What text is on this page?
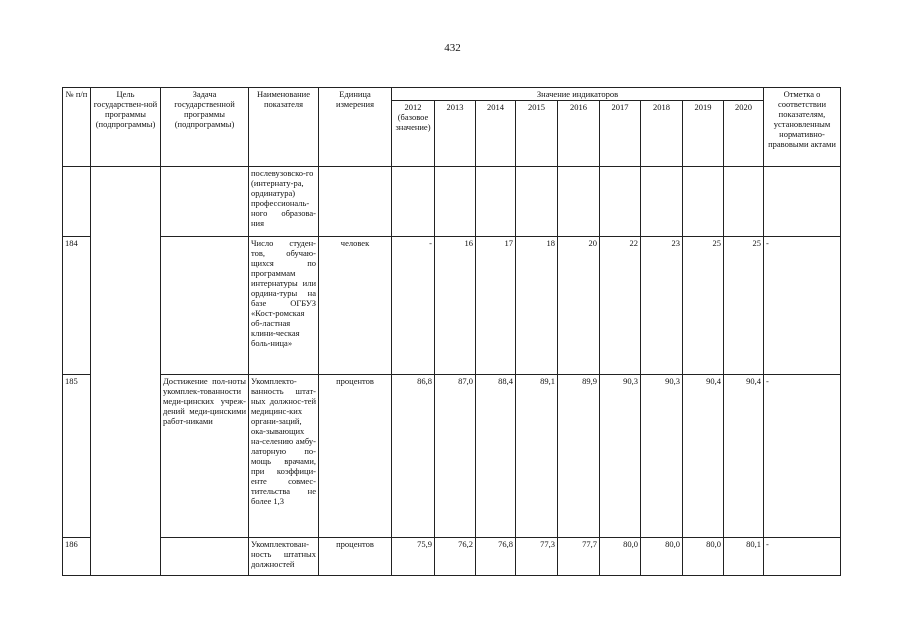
432
№ п/п	Цель государствен-ной программы (подпрограммы)	Задача государственной программы (подпрограммы)	Наименование показателя	Единица измерения	Значение индикаторов									Отметка о соответствии показателям, установленным нормативно-правовыми актами
					2012 (базовое значение)	2013	2014	2015	2016	2017	2018	2019	2020	
			послевузовско-го (интернату-ра, ординатура) профессиональ-ного образова-ния											
184			Число студен-тов, обучаю-щихся по программам интернатуры или ордина-туры на базе ОГБУЗ «Кост-ромская об-ластная клини-ческая боль-ница»	человек	-	16	17	18	20	22	23	25	25	-
185		Достижение пол-ноты укомплек-тованности меди-цинских учреж-дений меди-цинскими работ-никами	Укомплекто-ванность штат-ных должнос-тей медицинс-ких органи-заций, ока-зывающих на-селению амбу-латорную по-мощь врачами, при коэффици-енте совмес-тительства не более 1,3	процентов	86,8	87,0	88,4	89,1	89,9	90,3	90,3	90,4	90,4	-
186			Укомплектован-ность штатных должностей	процентов	75,9	76,2	76,8	77,3	77,7	80,0	80,0	80,0	80,1	-
